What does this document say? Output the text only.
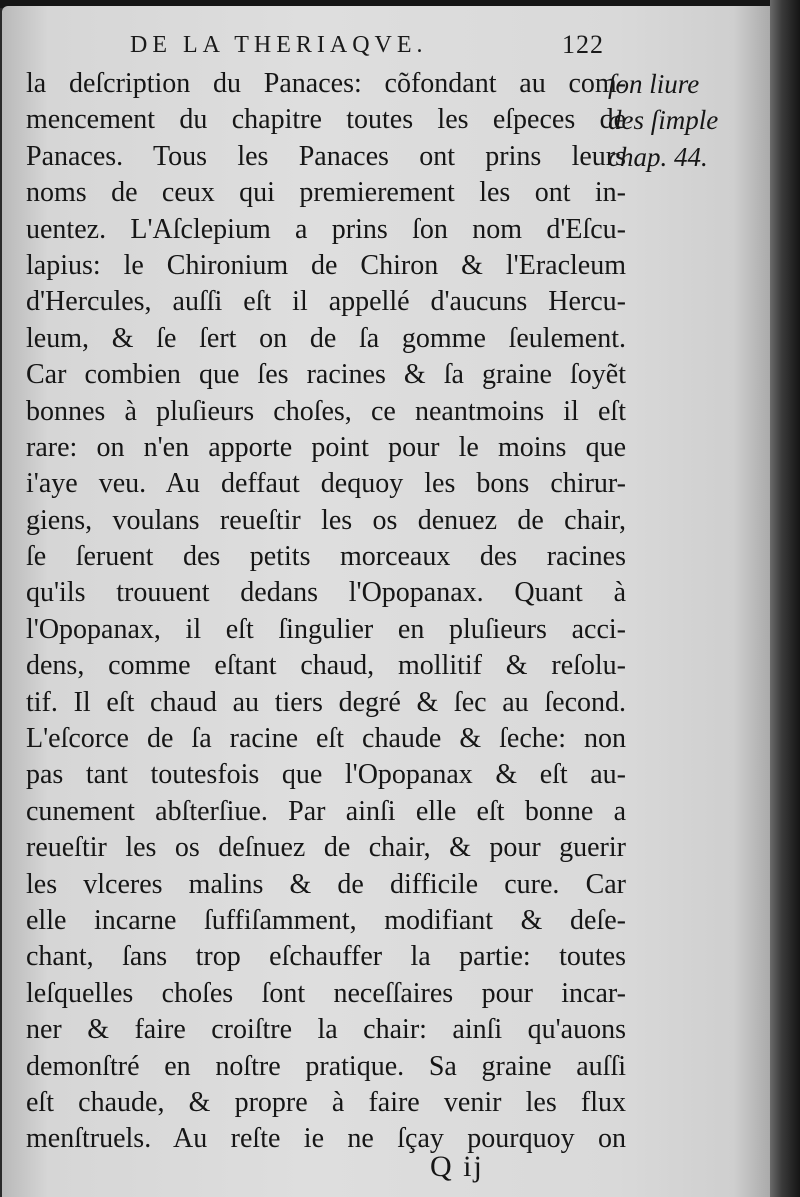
DE LA THERIAQVE.	122
la deſcription du Panaces: cõfondant au com-
mencement du chapitre toutes les eſpeces de
Panaces. Tous les Panaces ont prins leurs
noms de ceux qui premierement les ont in-
uentez. L'Aſclepium a prins ſon nom d'Eſcu-
lapius: le Chironium de Chiron & l'Eracleum
d'Hercules, auſſi eſt il appellé d'aucuns Hercu-
leum, & ſe ſert on de ſa gomme ſeulement.
Car combien que ſes racines & ſa graine ſoyẽt
bonnes à pluſieurs choſes, ce neantmoins il eſt
rare: on n'en apporte point pour le moins que
i'aye veu. Au deffaut dequoy les bons chirur-
giens, voulans reueſtir les os denuez de chair,
ſe ſeruent des petits morceaux des racines
qu'ils trouuent dedans l'Opopanax. Quant à
l'Opopanax, il eſt ſingulier en pluſieurs acci-
dens, comme eſtant chaud, mollitif & reſolu-
tif. Il eſt chaud au tiers degré & ſec au ſecond.
L'eſcorce de ſa racine eſt chaude & ſeche: non
pas tant toutesfois que l'Opopanax & eſt au-
cunement abſterſiue. Par ainſi elle eſt bonne a
reueſtir les os deſnuez de chair, & pour guerir
les vlceres malins & de difficile cure. Car
elle incarne ſuffiſamment, modifiant & deſe-
chant, ſans trop eſchauffer la partie: toutes
leſquelles choſes ſont neceſſaires pour incar-
ner & faire croiſtre la chair: ainſi qu'auons
demonſtré en noſtre pratique. Sa graine auſſi
eſt chaude, & propre à faire venir les flux
menſtruels. Au reſte ie ne ſçay pourquoy on
ſon liure
des ſimple
chap. 44.
Q ij
